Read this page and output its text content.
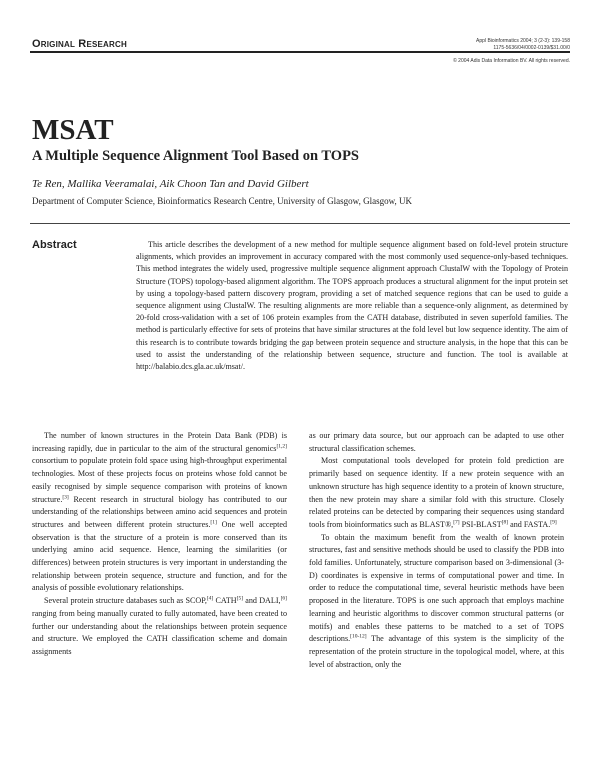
Original Research	Appl Bioinformatics 2004; 3 (2-3): 139-158
1175-5636/04/0002-0139/$31.00/0
© 2004 Adis Data Information BV. All rights reserved.
MSAT
A Multiple Sequence Alignment Tool Based on TOPS
Te Ren, Mallika Veeramalai, Aik Choon Tan and David Gilbert
Department of Computer Science, Bioinformatics Research Centre, University of Glasgow, Glasgow, UK
Abstract	This article describes the development of a new method for multiple sequence alignment based on fold-level protein structure alignments, which provides an improvement in accuracy compared with the most commonly used sequence-only-based techniques. This method integrates the widely used, progressive multiple sequence alignment approach ClustalW with the Topology of Protein Structure (TOPS) topology-based alignment algorithm. The TOPS approach produces a structural alignment for the input protein set by using a topology-based pattern discovery program, providing a set of matched sequence regions that can be used to guide a sequence alignment using ClustalW. The resulting alignments are more reliable than a sequence-only alignment, as determined by 20-fold cross-validation with a set of 106 protein examples from the CATH database, distributed in seven superfold families. The method is particularly effective for sets of proteins that have similar structures at the fold level but low sequence identity. The aim of this research is to contribute towards bridging the gap between protein sequence and structure analysis, in the hope that this can be used to assist the understanding of the relationship between sequence, structure and function. The tool is available at http://balabio.dcs.gla.ac.uk/msat/.

The number of known structures in the Protein Data Bank (PDB) is increasing rapidly, due in particular to the aim of the structural genomics[1,2] consortium to populate protein fold space using high-throughput experimental technologies. Most of these projects focus on proteins whose fold cannot be easily recognised by simple sequence comparison with proteins of known structure.[3] Recent research in structural biology has contributed to our understanding of the relationships between amino acid sequences and protein structures and between different protein structures.[1] One well accepted observation is that the structure of a protein is more conserved than its underlying amino acid sequence. Hence, learning the similarities (or differences) between protein structures is very important in understanding the relationship between protein sequence, structure and function, and for the analysis of possible evolutionary relationships.

Several protein structure databases such as SCOP,[4] CATH[5] and DALI,[6] ranging from being manually curated to fully automated, have been created to further our understanding about the relationships between protein sequence and structure. We employed the CATH classification scheme and domain assignments

as our primary data source, but our approach can be adapted to use other structural classification schemes.

Most computational tools developed for protein fold prediction are primarily based on sequence identity. If a new protein sequence with an unknown structure has high sequence identity to a protein of known structure, then the new protein may share a similar fold with this structure. Closely related proteins can be detected by comparing their sequences using standard tools from bioinformatics such as BLAST®,[7] PSI-BLAST[8] and FASTA.[9]

To obtain the maximum benefit from the wealth of known protein structures, fast and sensitive methods should be used to classify the PDB into fold families. Unfortunately, structure comparison based on 3-dimensional (3-D) coordinates is expensive in terms of computational power and time. In order to reduce the computational time, several heuristic methods have been proposed in the literature. TOPS is one such approach that employs machine learning and heuristic algorithms to discover common structural patterns (or motifs) and enables these patterns to be matched to a set of TOPS descriptions.[10-12] The advantage of this system is the simplicity of the representation of the protein structure in the topological model, where, at this level of abstraction, only the
